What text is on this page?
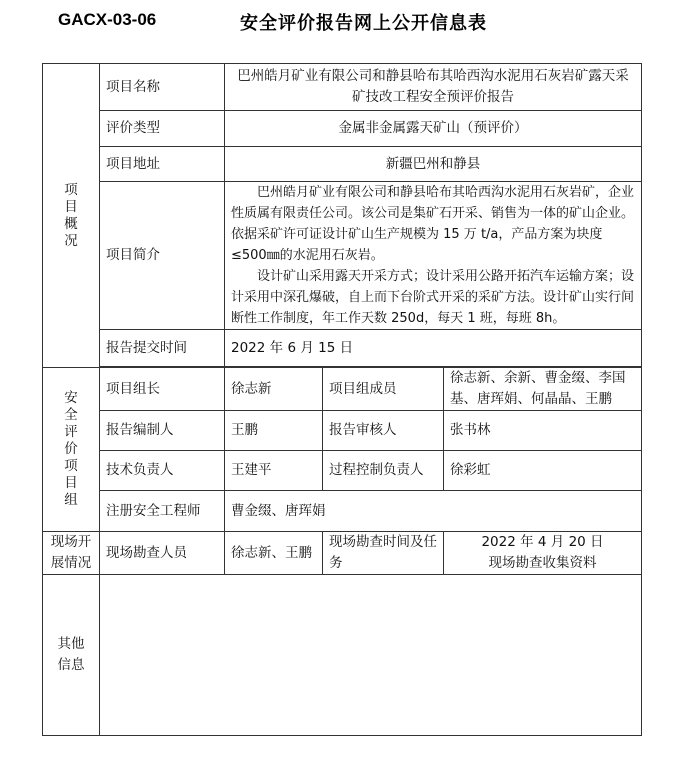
GACX-03-06	安全评价报告网上公开信息表
项目概况	项目名称	巴州皓月矿业有限公司和静县哈布其哈西沟水泥用石灰岩矿露天采矿技改工程安全预评价报告		
	评价类型	金属非金属露天矿山（预评价）		
	项目地址	新疆巴州和静县		
	项目简介	巴州皓月矿业有限公司和静县哈布其哈西沟水泥用石灰岩矿，企业性质属有限责任公司。该公司是集矿石开采、销售为一体的矿山企业。依据采矿许可证设计矿山生产规模为 15 万 t/a，产品方案为块度≤500㎜的水泥用石灰岩。

设计矿山采用露天开采方式；设计采用公路开拓汽车运输方案；设计采用中深孔爆破，自上而下台阶式开采的采矿方法。设计矿山实行间断性工作制度，年工作天数 250d，每天 1 班，每班 8h。		

	报告提交时间	2022 年 6 月 15 日		

安全评价项目组	项目组长	徐志新	项目组成员	徐志新、余新、曹金缀、李国基、唐珲娟、何晶晶、王鹏
	报告编制人	王鹏	报告审核人	张书林
	技术负责人	王建平	过程控制负责人	徐彩虹
	注册安全工程师	曹金缀、唐珲娟		
现场开展情况	现场勘查人员	徐志新、王鹏	现场勘查时间及任务	2022 年 4 月 20 日
现场勘查收集资料

其他信息				
